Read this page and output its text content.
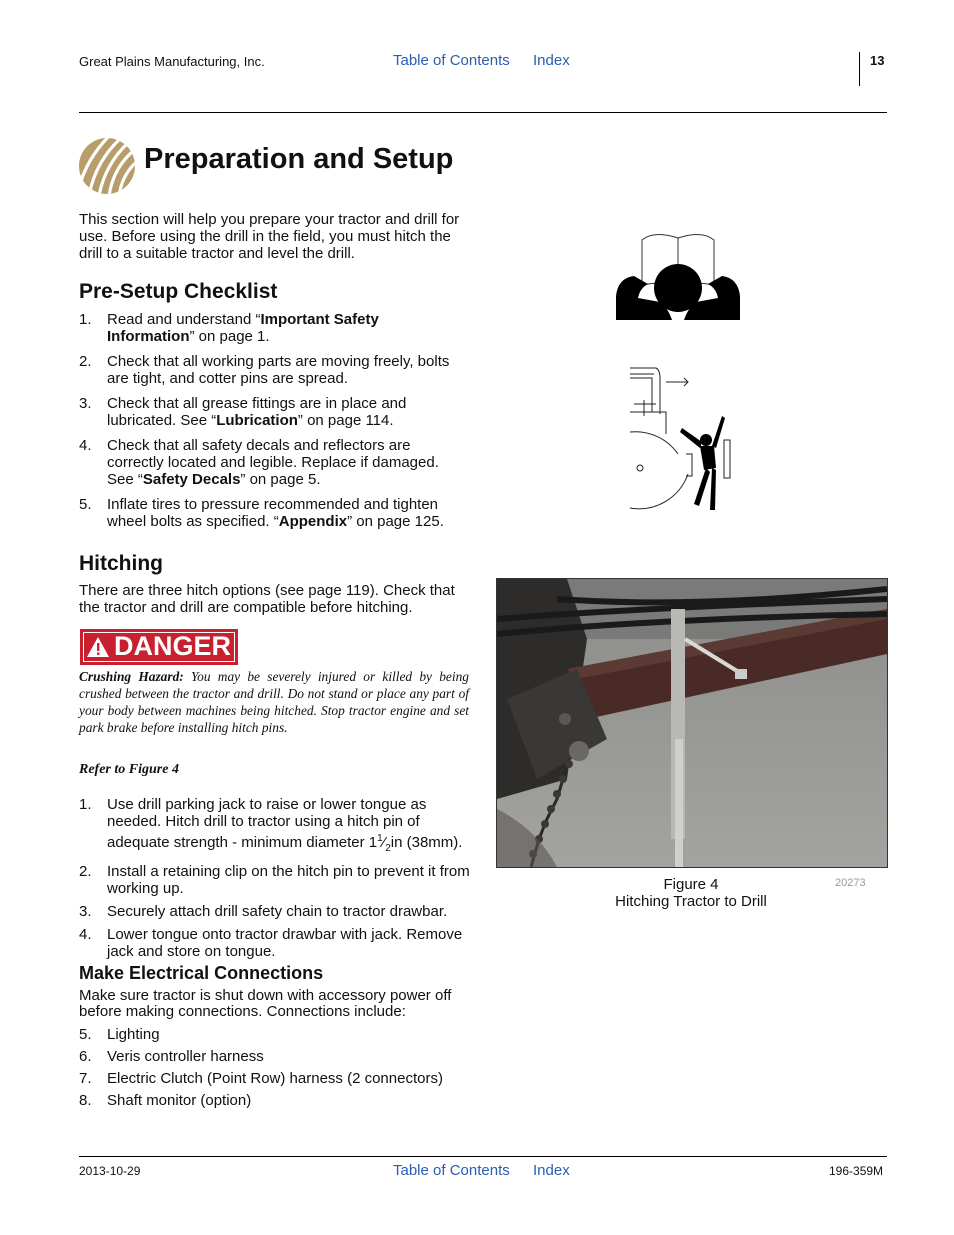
Great Plains Manufacturing, Inc.	Table of Contents Index	13
Preparation and Setup
This section will help you prepare your tractor and drill for use. Before using the drill in the field, you must hitch the drill to a suitable tractor and level the drill.
Pre-Setup Checklist
1. Read and understand “Important Safety Information” on page 1.
2. Check that all working parts are moving freely, bolts are tight, and cotter pins are spread.
3. Check that all grease fittings are in place and lubricated. See “Lubrication” on page 114.
4. Check that all safety decals and reflectors are correctly located and legible. Replace if damaged. See “Safety Decals” on page 5.
5. Inflate tires to pressure recommended and tighten wheel bolts as specified. “Appendix” on page 125.
Hitching
There are three hitch options (see page 119). Check that the tractor and drill are compatible before hitching.
DANGER
Crushing Hazard: You may be severely injured or killed by being crushed between the tractor and drill. Do not stand or place any part of your body between machines being hitched. Stop tractor engine and set park brake before installing hitch pins.
Refer to Figure 4
1. Use drill parking jack to raise or lower tongue as needed. Hitch drill to tractor using a hitch pin of adequate strength - minimum diameter $1^1⁄_2in$ (38mm).
2. Install a retaining clip on the hitch pin to prevent it from working up.
3. Securely attach drill safety chain to tractor drawbar.
4. Lower tongue onto tractor drawbar with jack. Remove jack and store on tongue.
Make Electrical Connections
Make sure tractor is shut down with accessory power off before making connections. Connections include:
5. Lighting
6. Veris controller harness
7. Electric Clutch (Point Row) harness (2 connectors)
8. Shaft monitor (option)
Figure 4
Hitching Tractor to Drill
20273
2013-10-29	Table of Contents Index	196-359M
